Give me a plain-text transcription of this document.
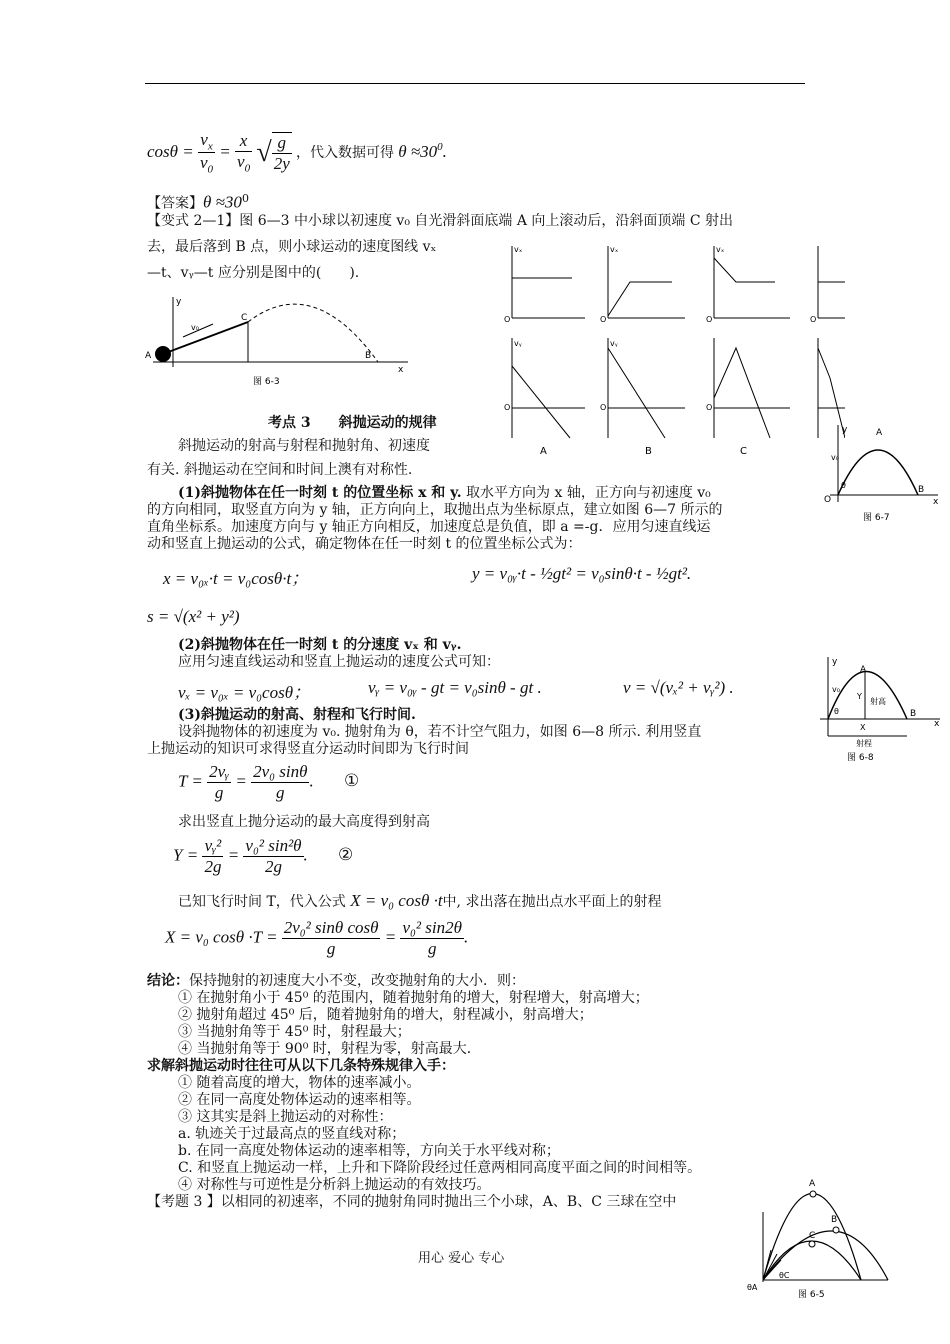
$\cos\theta = \frac{v_x}{v_0} = \frac{x}{v_0}$ √ $\frac{g}{2y}$ ，代入数据可得 $\theta \approx 30^0$.
【答案】$\theta \approx 30^0$
【变式 2—1】图 6—3 中小球以初速度 v₀ 自光滑斜面底端 A 向上滚动后，沿斜面顶端 C 射出
去，最后落到 B 点，则小球运动的速度图线 vₓ
—t、vᵧ—t 应分别是图中的(　　).
y
A
C
B
v₀
x
图 6-3
vₓ
O	O
vₓ
O
vₓ
O
O
vᵧ
A
O
vᵧ
B
O
C
考点 3　　斜抛运动的规律
斜抛运动的射高与射程和抛射角、初速度
有关. 斜抛运动在空间和时间上澳有对称性.
y	A
B
v₀
θ
O	x
图 6-7
(1)斜抛物体在任一时刻 t 的位置坐标 x 和 y. 取水平方向为 x 轴，正方向与初速度 v₀
的方向相同，取竖直方向为 y 轴，正方向向上，取抛出点为坐标原点，建立如图 6—7 所示的
直角坐标系。加速度方向与 y 轴正方向相反，加速度总是负值，即 a =-g．应用匀速直线运
动和竖直上抛运动的公式，确定物体在任一时刻 t 的位置坐标公式为：
x = v₀ₓ·t = v₀cosθ·t；	y = v₀ᵧ·t - ½gt² = v₀sinθ·t - ½gt².
s = √(x² + y²)
(2)斜抛物体在任一时刻 t 的分速度 vₓ 和 vᵧ.
应用匀速直线运动和竖直上抛运动的速度公式可知：
vₓ = v₀ₓ = v₀cosθ；	vᵧ = v₀ᵧ - gt = v₀sinθ - gt .	v = √(vₓ² + vᵧ²) .
y
A
射高
Y
B
X
射程
v₀
θ
x
图 6-8
(3)斜抛运动的射高、射程和飞行时间.
设斜抛物体的初速度为 v₀. 抛射角为 θ，若不计空气阻力，如图 6—8 所示. 利用竖直
上抛运动的知识可求得竖直分运动时间即为飞行时间
$T = \frac{\text{2vᵧ}}{g} = \frac{\text{2v₀ sinθ}}{g}$ . ①
求出竖直上抛分运动的最大高度得到射高
$Y = \frac{\text{vᵧ²}}{2g} = \frac{\text{v₀² sin²θ}}{2g}$ . ②
已知飞行时间 T，代入公式 X = v₀ cosθ ·t中, 求出落在抛出点水平面上的射程
X = v₀ $\cos\theta \cdot T = \frac{\text{2v₀² sinθ cosθ}}{g} = \frac{\text{v₀² sin2θ}}{g}$ .
结论：保持抛射的初速度大小不变，改变抛射角的大小．则：
① 在抛射角小于 45⁰ 的范围内，随着抛射角的增大，射程增大，射高增大；
② 抛射角超过 45⁰ 后，随着抛射角的增大，射程减小，射高增大；
③ 当抛射角等于 45⁰ 时，射程最大；
④ 当抛射角等于 90⁰ 时，射程为零，射高最大．
求解斜抛运动时往往可从以下几条特殊规律入手：
① 随着高度的增大，物体的速率减小。
② 在同一高度处物体运动的速率相等。
③ 这其实是斜上抛运动的对称性：
a. 轨迹关于过最高点的竖直线对称；
b. 在同一高度处物体运动的速率相等，方向关于水平线对称；
C. 和竖直上抛运动一样，上升和下降阶段经过任意两相同高度平面之间的时间相等。
④ 对称性与可逆性是分析斜上抛运动的有效技巧。
【考题 3 】以相同的初速率，不同的抛射角同时抛出三个小球，A、B、C 三球在空中
A
B
C
θA
θC
图 6-5
用心 爱心 专心
